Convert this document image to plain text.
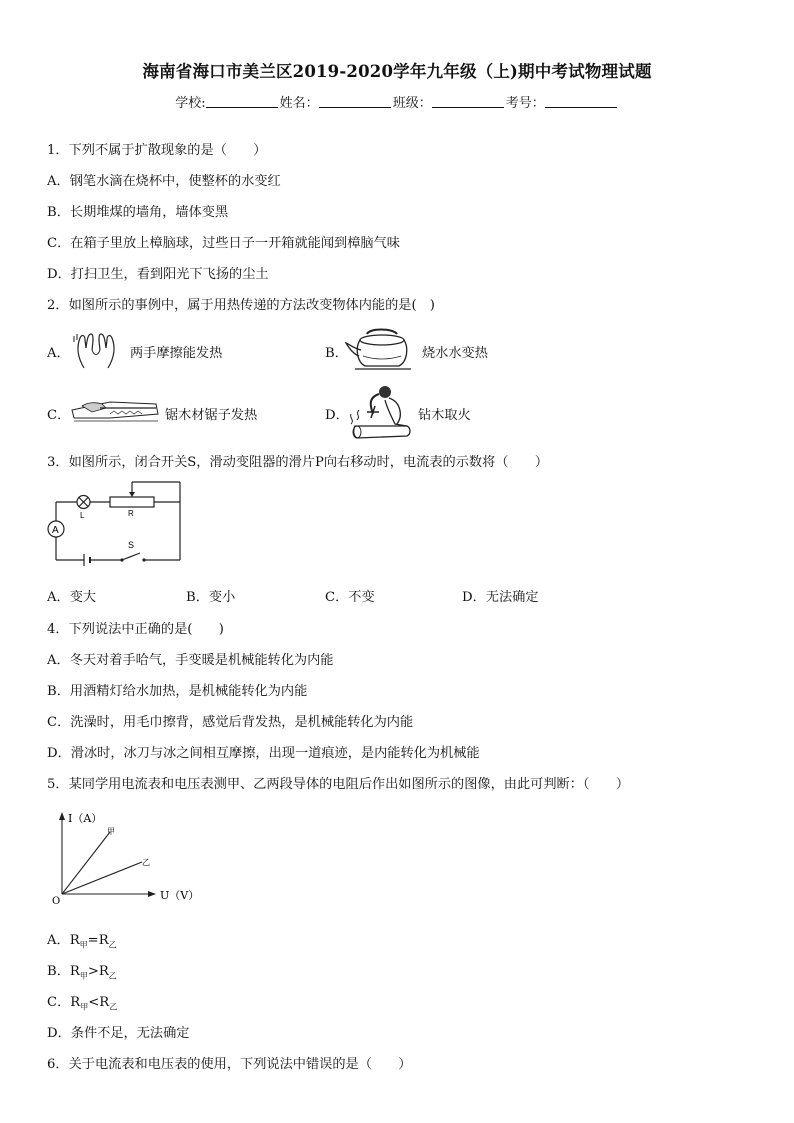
海南省海口市美兰区2019-2020学年九年级（上)期中考试物理试题
学校:	姓名：	班级：	考号：
1．下列不属于扩散现象的是（　　）
A．钢笔水滴在烧杯中，使整杯的水变红
B．长期堆煤的墙角，墙体变黑
C．在箱子里放上樟脑球，过些日子一开箱就能闻到樟脑气味
D．打扫卫生，看到阳光下飞扬的尘土
2．如图所示的事例中，属于用热传递的方法改变物体内能的是(　)
A．	两手摩擦能发热	B．	烧水水变热
C．	锯木材锯子发热	D．	钻木取火
3．如图所示，闭合开关S，滑动变阻器的滑片P向右移动时，电流表的示数将（　　）
A
L	R
S
A．变大	B．变小	C．不变	D．无法确定
4．下列说法中正确的是(　　)
A．冬天对着手哈气，手变暖是机械能转化为内能
B．用酒精灯给水加热，是机械能转化为内能
C．洗澡时，用毛巾擦背，感觉后背发热，是机械能转化为内能
D．滑冰时，冰刀与冰之间相互摩擦，出现一道痕迹，是内能转化为机械能
5．某同学用电流表和电压表测甲、乙两段导体的电阻后作出如图所示的图像，由此可判断：（　　）
I（A）
U（V）
O
甲
乙
A．$R_甲=R_乙$
B．$R_甲>R_乙$
C．$R_甲<R_乙$
D．条件不足，无法确定
6．关于电流表和电压表的使用，下列说法中错误的是（　　）
